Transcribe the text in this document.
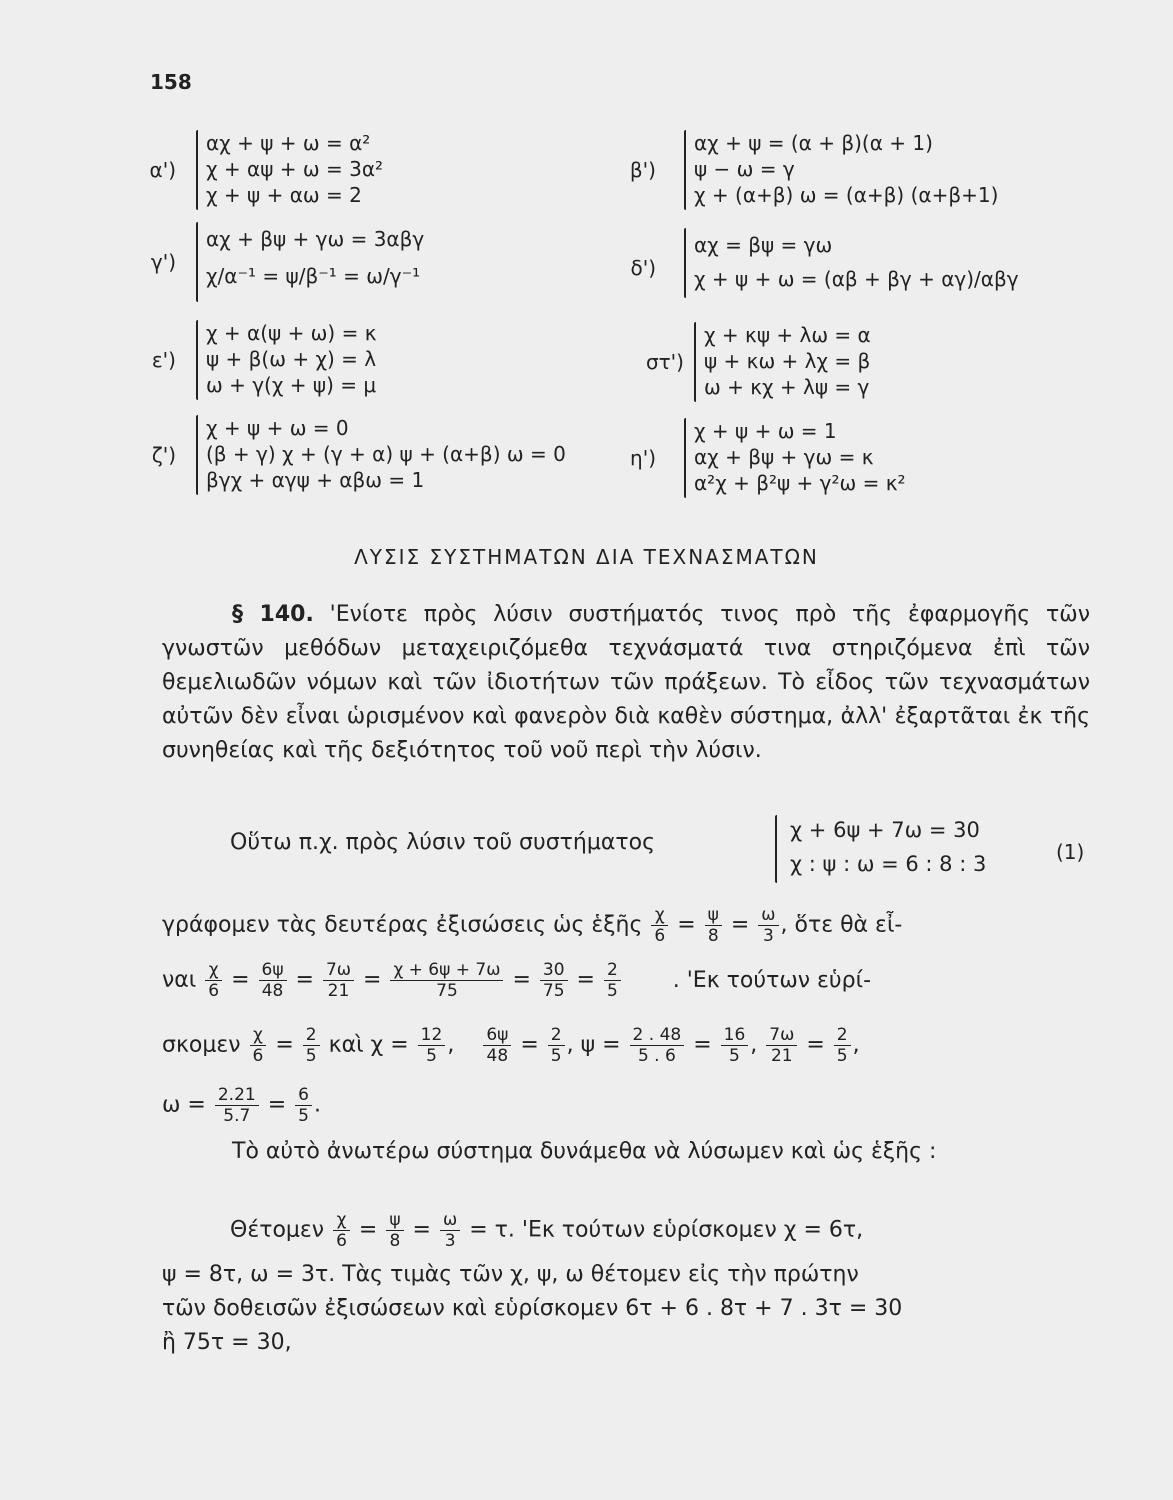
158
α')
αχ + ψ + ω = α²
χ + αψ + ω = 3α²
χ + ψ + αω = 2
β')
αχ + ψ = (α + β)(α + 1)
ψ − ω = γ
χ + (α+β) ω = (α+β) (α+β+1)
γ')
αχ + βψ + γω = 3αβγ
χ/α⁻¹ = ψ/β⁻¹ = ω/γ⁻¹	δ')
αχ = βψ = γω
χ + ψ + ω = (αβ + βγ + αγ)/αβγ
ε')
χ + α(ψ + ω) = κ
ψ + β(ω + χ) = λ
ω + γ(χ + ψ) = μ
στ')
χ + κψ + λω = α
ψ + κω + λχ = β
ω + κχ + λψ = γ
ζ')
χ + ψ + ω = 0
(β + γ) χ + (γ + α) ψ + (α+β) ω = 0
βγχ + αγψ + αβω = 1
η')
χ + ψ + ω = 1
αχ + βψ + γω = κ
α²χ + β²ψ + γ²ω = κ²
ΛΥΣΙΣ ΣΥΣΤΗΜΑΤΩΝ ΔΙΑ ΤΕΧΝΑΣΜΑΤΩΝ
§ 140. 'Ενίοτε πρὸς λύσιν συστήματός τινος πρὸ τῆς ἐφαρμογῆς τῶν γνωστῶν μεθόδων μεταχειριζόμεθα τεχνάσματά τινα στηριζόμενα ἐπὶ τῶν θεμελιωδῶν νόμων καὶ τῶν ἰδιοτήτων τῶν πράξεων. Τὸ εἶδος τῶν τεχνασμάτων αὐτῶν δὲν εἶναι ὡρισμένον καὶ φανερὸν διὰ καθὲν σύστημα, ἀλλ' ἐξαρτᾶται ἐκ τῆς συνηθείας καὶ τῆς δεξιότητος τοῦ νοῦ περὶ τὴν λύσιν.
Οὕτω π.χ. πρὸς λύσιν τοῦ συστήματος	χ + 6ψ + 7ω = 30
χ : ψ : ω = 6 : 8 : 3	(1)
γράφομεν τὰς δευτέρας ἐξισώσεις ὡς ἑξῆς $\frac{\chi}{6} = \frac{\psi}{8} = \frac{\omega}{3}$ , ὅτε θὰ εἶ-
ναι $\frac{\chi}{6} = \frac{6\psi}{48} = \frac{7\omega}{21} = \frac{\chi + 6\psi + 7\omega}{75} = \frac{30}{75} = \frac{2}{5}$ . 'Εκ τούτων εὑρί-
σκομεν $\frac{\chi}{6} = \frac{2}{5}$ καὶ $\chi = \frac{12}{5}$ , $\frac{6\psi}{48} = \frac{2}{5}$ , $\psi = \frac{2 . 48}{5 . 6} = \frac{16}{5}$ , $\frac{7\omega}{21} = \frac{2}{5}$ ,
$\omega = \frac{2.21}{5.7} = \frac{6}{5}$ .
Τὸ αὐτὸ ἀνωτέρω σύστημα δυνάμεθα νὰ λύσωμεν καὶ ὡς ἑξῆς :
Θέτομεν $\frac{\chi}{6} = \frac{\psi}{8} = \frac{\omega}{3} = \tau$. 'Εκ τούτων εὑρίσκομεν χ = 6τ,
ψ = 8τ, ω = 3τ. Τὰς τιμὰς τῶν χ, ψ, ω θέτομεν εἰς τὴν πρώτην
τῶν δοθεισῶν ἐξισώσεων καὶ εὑρίσκομεν 6τ + 6 . 8τ + 7 . 3τ = 30
ἢ 75τ = 30,
